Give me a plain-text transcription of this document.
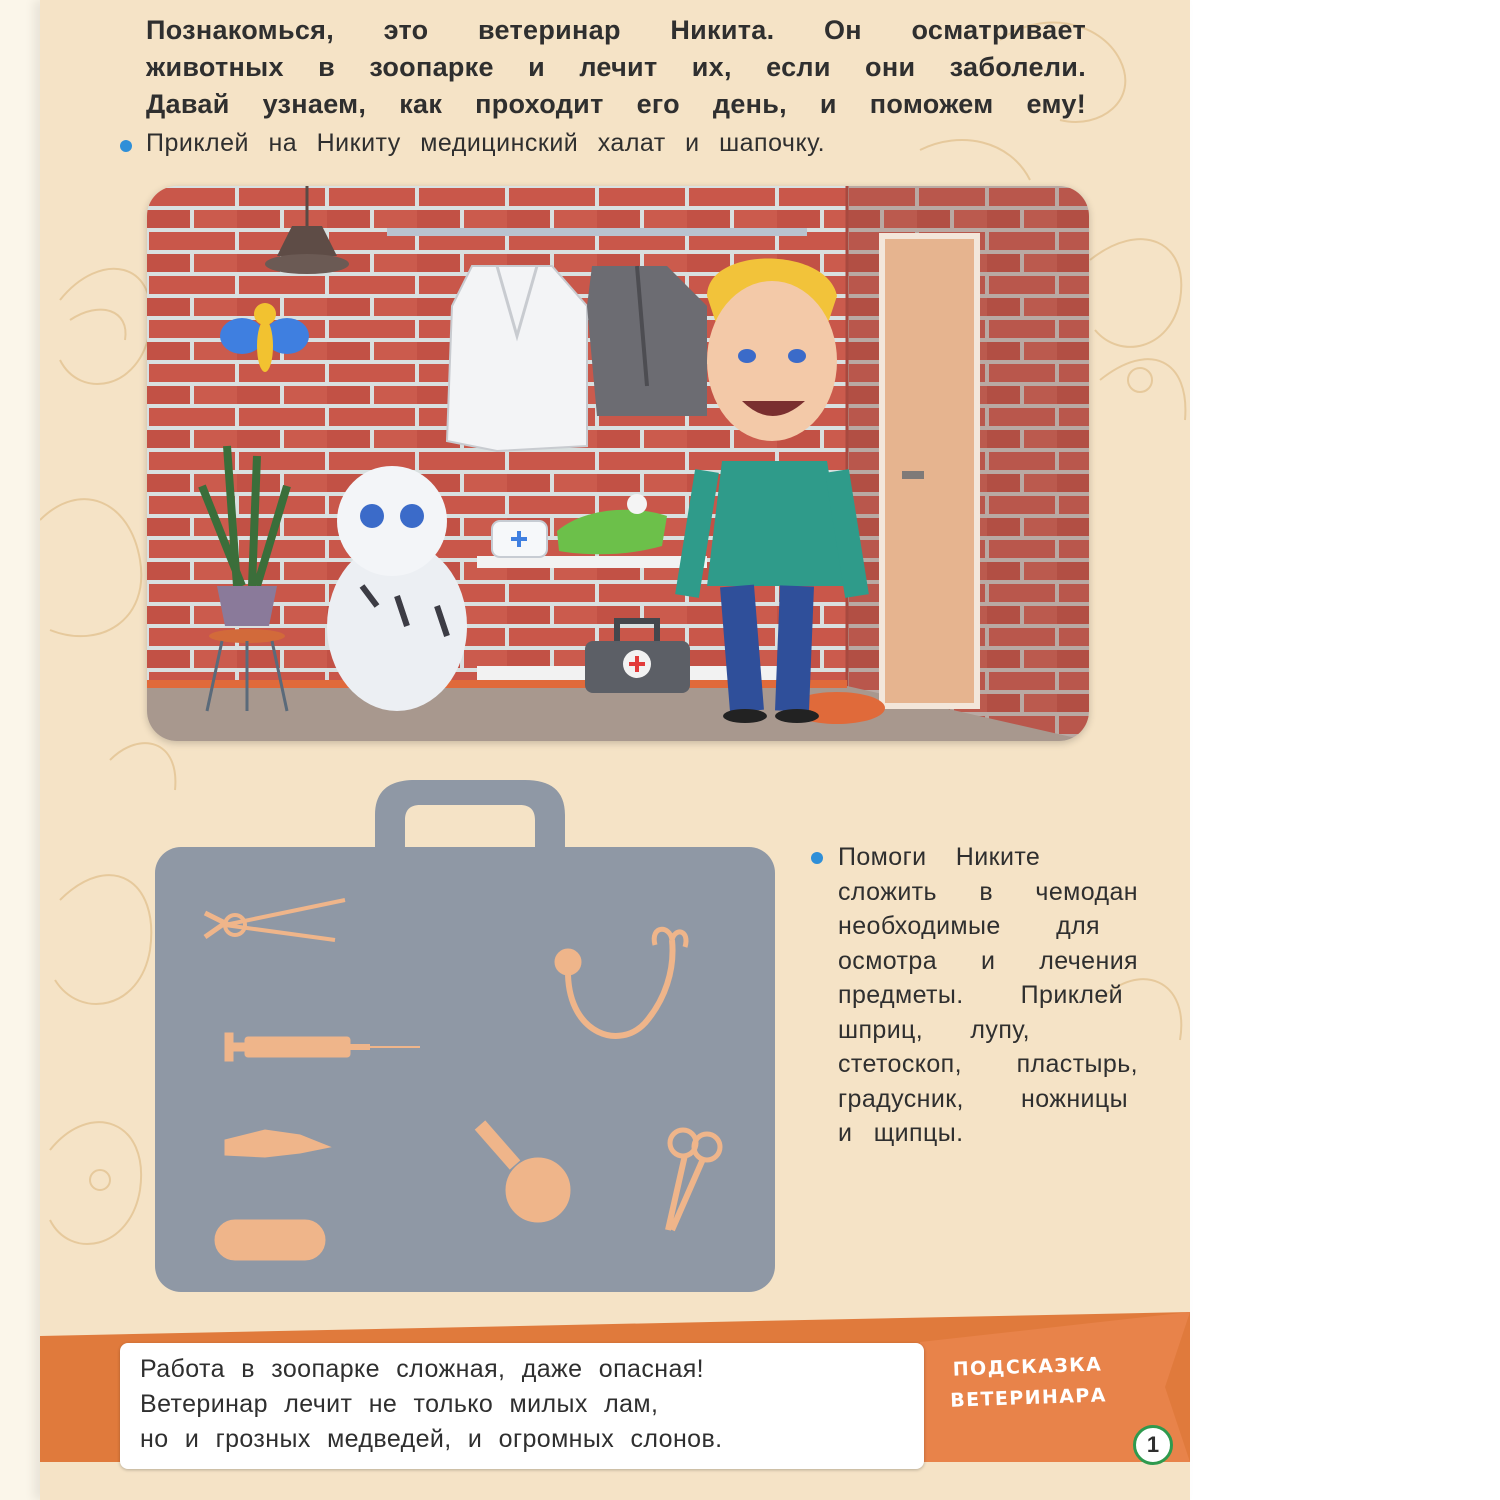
Познакомься, это ветеринар Никита. Он осматривает
животных в зоопарке и лечит их, если они заболели.
Давай узнаем, как проходит его день, и поможем ему!
Приклей на Никиту медицинский халат и шапочку.
Помоги Никите
сложить в чемодан
необходимые для
осмотра и лечения
предметы. Приклей
шприц, лупу,
стетоскоп, пластырь,
градусник, ножницы
и щипцы.
Работа в зоопарке сложная, даже опасная!
Ветеринар лечит не только милых лам,
но и грозных медведей, и огромных слонов.
ПОДСКАЗКА
ВЕТЕРИНАРА
1
